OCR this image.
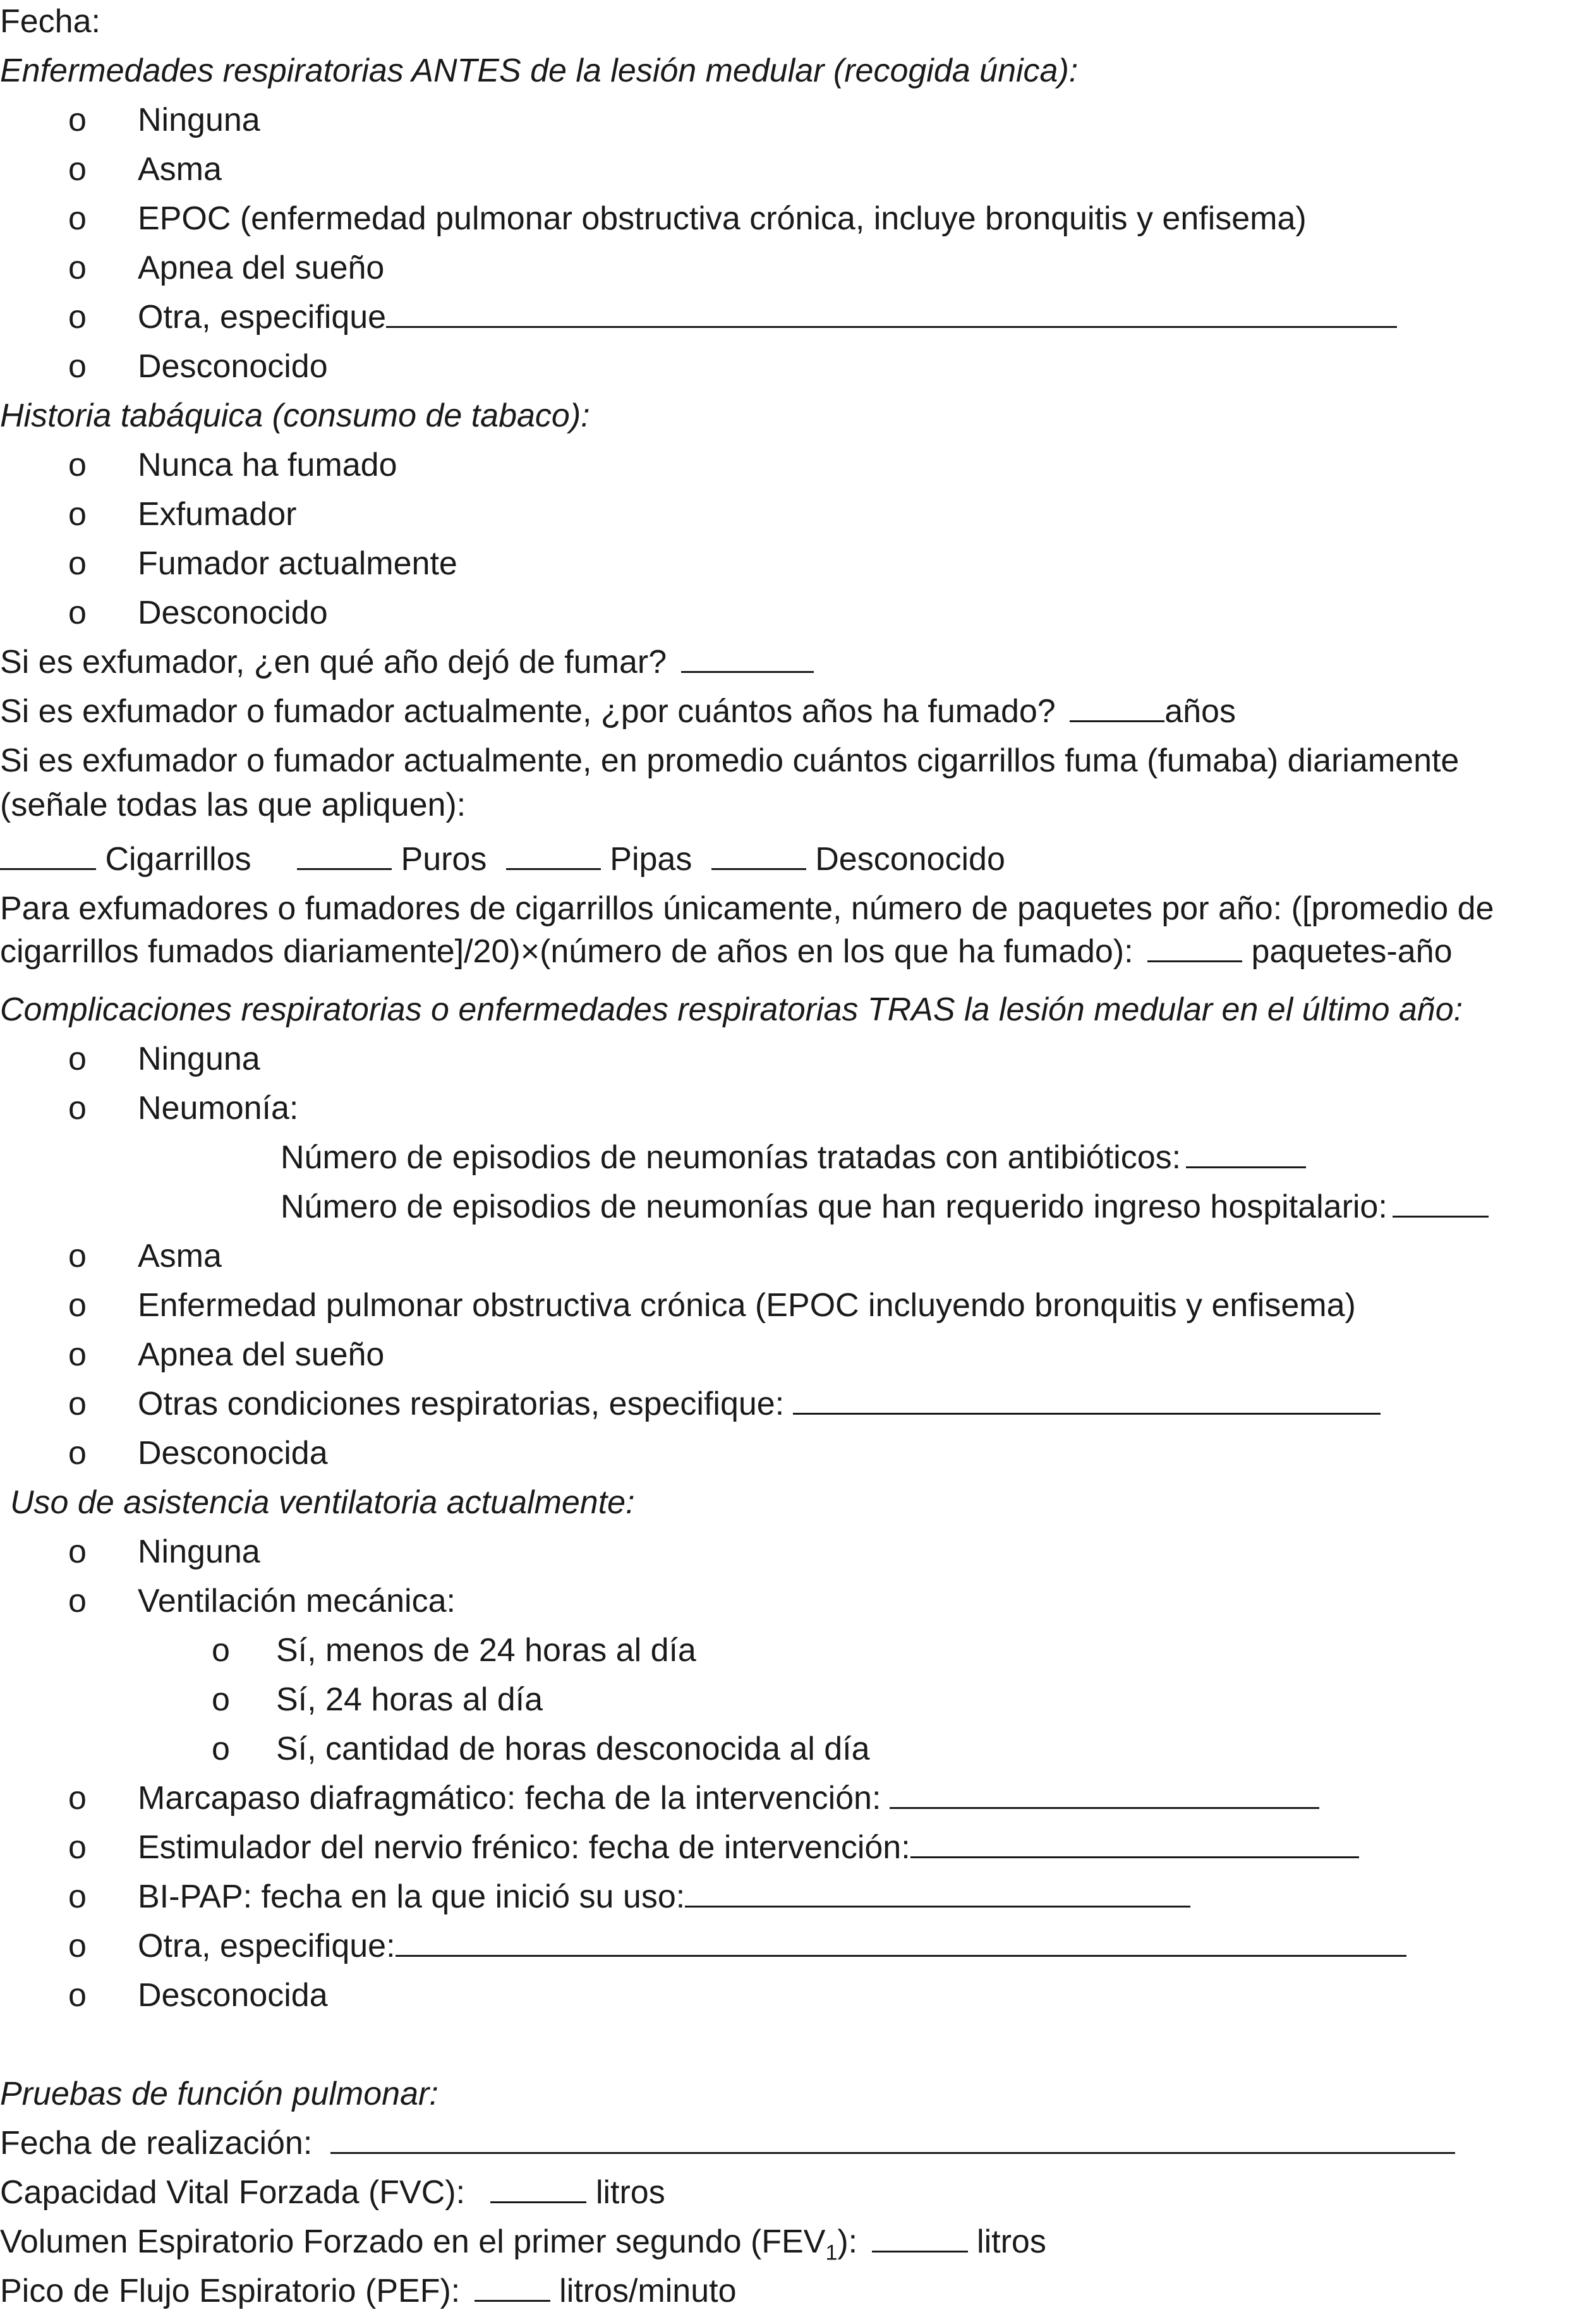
Fecha:
Enfermedades respiratorias ANTES de la lesión medular (recogida única):
o Ninguna
o Asma
o EPOC (enfermedad pulmonar obstructiva crónica, incluye bronquitis y enfisema)
o Apnea del sueño
o Otra, especifique
o Desconocido
Historia tabáquica (consumo de tabaco):
o Nunca ha fumado
o Exfumador
o Fumador actualmente
o Desconocido
Si es exfumador, ¿en qué año dejó de fumar?
Si es exfumador o fumador actualmente, ¿por cuántos años ha fumado?	años
Si es exfumador o fumador actualmente, en promedio cuántos cigarrillos fuma (fumaba) diariamente
(señale todas las que apliquen):
Cigarrillos	Puros	Pipas	Desconocido
Para exfumadores o fumadores de cigarrillos únicamente, número de paquetes por año: ([promedio de
cigarrillos fumados diariamente]/20)×(número de años en los que ha fumado):	paquetes-año
Complicaciones respiratorias o enfermedades respiratorias TRAS la lesión medular en el último año:
o Ninguna
o Neumonía:
Número de episodios de neumonías tratadas con antibióticos:
Número de episodios de neumonías que han requerido ingreso hospitalario:
o Asma
o Enfermedad pulmonar obstructiva crónica (EPOC incluyendo bronquitis y enfisema)
o Apnea del sueño
o Otras condiciones respiratorias, especifique:
o Desconocida
Uso de asistencia ventilatoria actualmente:
o Ninguna
o Ventilación mecánica:
o Sí, menos de 24 horas al día
o Sí, 24 horas al día
o Sí, cantidad de horas desconocida al día
o Marcapaso diafragmático: fecha de la intervención:
o Estimulador del nervio frénico: fecha de intervención:
o BI-PAP: fecha en la que inició su uso:
o Otra, especifique:
o Desconocida
Pruebas de función pulmonar:
Fecha de realización:
Capacidad Vital Forzada (FVC):	litros
Volumen Espiratorio Forzado en el primer segundo $(FEV_1)$:	litros
Pico de Flujo Espiratorio (PEF):	litros/minuto
